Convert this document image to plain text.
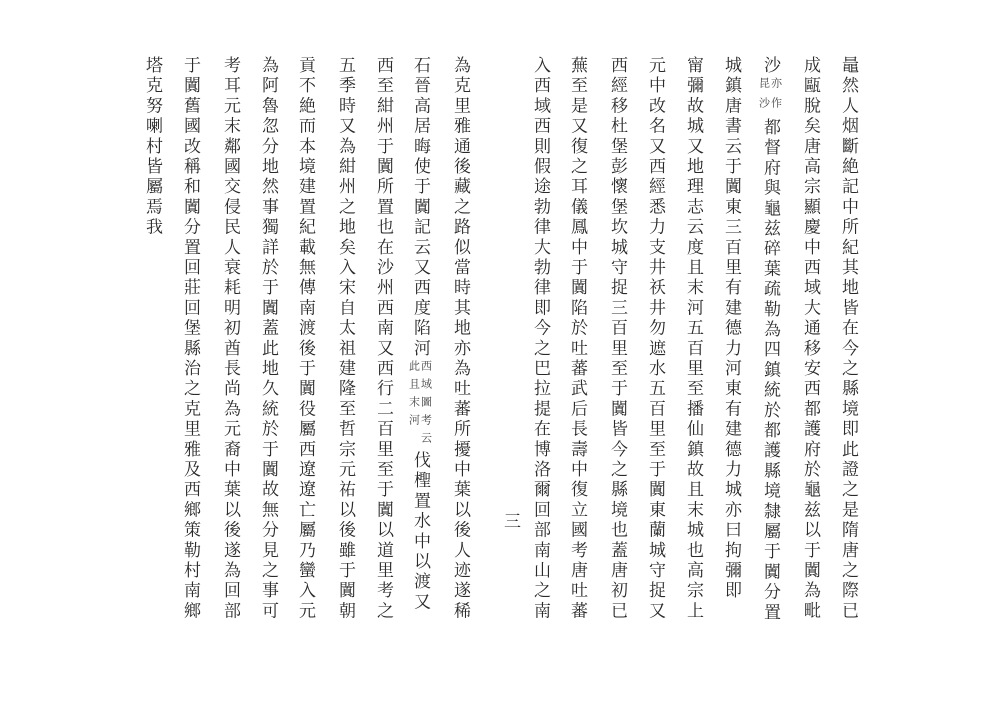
鼂然人烟斷絶記中所紀其地皆在今之縣境即此證之是隋唐之際已
成甌脫矣唐高宗顯慶中西域大通移安西都護府於龜兹以于闐為毗
沙
亦作
昆沙
都督府與龜兹碎葉疏勒為四鎮統於都護縣境隸屬于闐分置
城鎮唐書云于闐東三百里有建德力河東有建德力城亦曰拘彌即
甯彌故城又地理志云度且末河五百里至播仙鎮故且末城也高宗上
元中改名又西經悉力支井祅井勿遮水五百里至于闐東蘭城守捉又
西經移杜堡彭懷堡坎城守捉三百里至于闐皆今之縣境也蓋唐初已
蕪至是又復之耳儀鳳中于闐陷於吐蕃武后長壽中復立國考唐吐蕃
入西域西則假途勃律大勃律即今之巴拉提在博洛爾回部南山之南
三
為克里雅通後藏之路似當時其地亦為吐蕃所擾中葉以後人迹遂稀
石晉高居晦使于闐記云又西度陷河
西域圖考云
此且末河
伐檉置水中以渡又
西至紺州于闐所置也在沙州西南又西行二百里至于闐以道里考之
五季時又為紺州之地矣入宋自太祖建隆至哲宗元祐以後雖于闐朝
貢不絶而本境建置紀載無傳南渡後于闐役屬西遼遼亡屬乃蠻入元
為阿魯忽分地然事獨詳於于闐蓋此地久統於于闐故無分見之事可
考耳元末鄰國交侵民人衰耗明初酋長尚為元裔中葉以後遂為回部
于闐舊國改稱和闐分置回莊回堡縣治之克里雅及西鄉策勒村南鄉
塔克努喇村皆屬焉我
